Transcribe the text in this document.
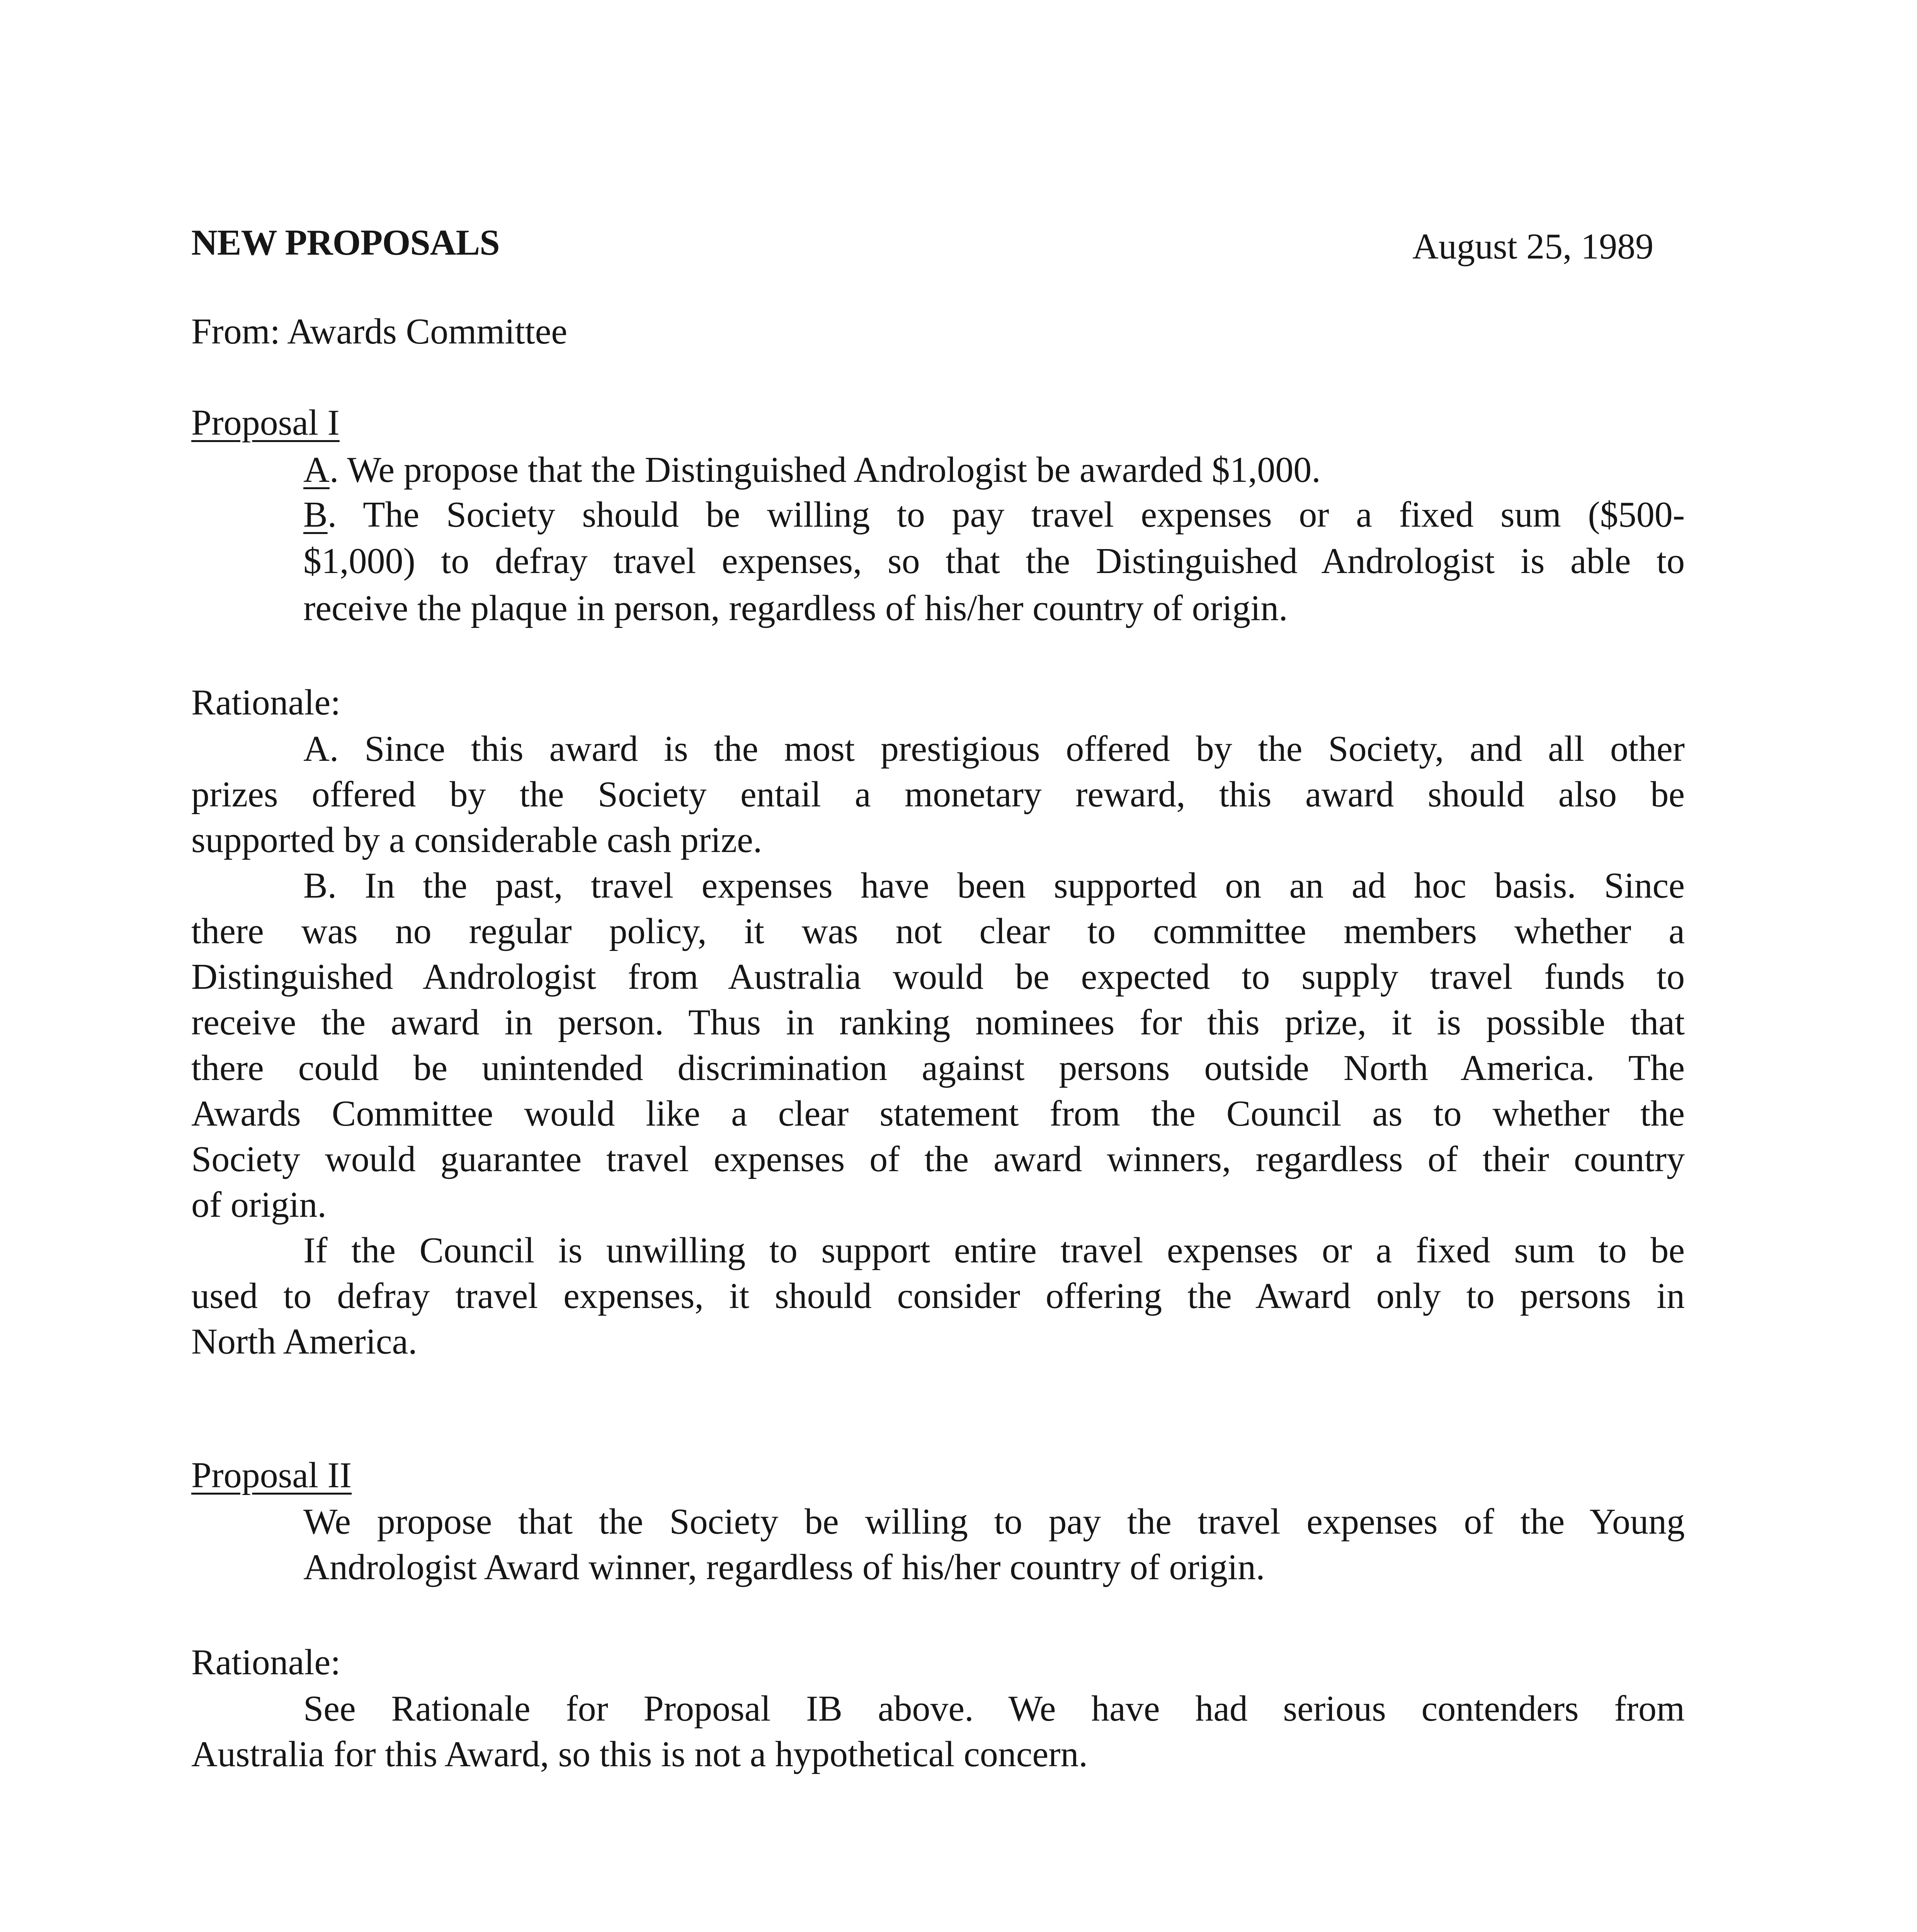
NEW PROPOSALS	August 25, 1989
From: Awards Committee
Proposal I
A. We propose that the Distinguished Andrologist be awarded $1,000.
B. The Society should be willing to pay travel expenses or a fixed sum ($500-
$1,000) to defray travel expenses, so that the Distinguished Andrologist is able to
receive the plaque in person, regardless of his/her country of origin.
Rationale:
A. Since this award is the most prestigious offered by the Society, and all other
prizes offered by the Society entail a monetary reward, this award should also be
supported by a considerable cash prize.
B. In the past, travel expenses have been supported on an ad hoc basis. Since
there was no regular policy, it was not clear to committee members whether a
Distinguished Andrologist from Australia would be expected to supply travel funds to
receive the award in person. Thus in ranking nominees for this prize, it is possible that
there could be unintended discrimination against persons outside North America. The
Awards Committee would like a clear statement from the Council as to whether the
Society would guarantee travel expenses of the award winners, regardless of their country
of origin.
If the Council is unwilling to support entire travel expenses or a fixed sum to be
used to defray travel expenses, it should consider offering the Award only to persons in
North America.
Proposal II
We propose that the Society be willing to pay the travel expenses of the Young
Andrologist Award winner, regardless of his/her country of origin.
Rationale:
See Rationale for Proposal IB above. We have had serious contenders from
Australia for this Award, so this is not a hypothetical concern.
